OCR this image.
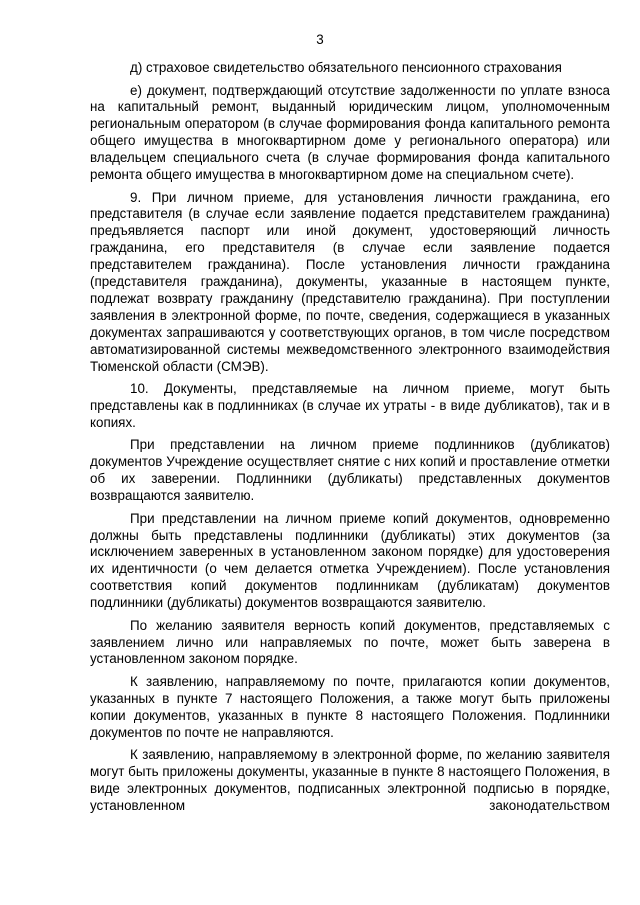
3

д) страховое свидетельство обязательного пенсионного страхования

е) документ, подтверждающий отсутствие задолженности по уплате взноса на капитальный ремонт, выданный юридическим лицом, уполномоченным региональным оператором (в случае формирования фонда капитального ремонта общего имущества в многоквартирном доме у регионального оператора) или владельцем специального счета (в случае формирования фонда капитального ремонта общего имущества в многоквартирном доме на специальном счете).

9. При личном приеме, для установления личности гражданина, его представителя (в случае если заявление подается представителем гражданина) предъявляется паспорт или иной документ, удостоверяющий личность гражданина, его представителя (в случае если заявление подается представителем гражданина). После установления личности гражданина (представителя гражданина), документы, указанные в настоящем пункте, подлежат возврату гражданину (представителю гражданина). При поступлении заявления в электронной форме, по почте, сведения, содержащиеся в указанных документах запрашиваются у соответствующих органов, в том числе посредством автоматизированной системы межведомственного электронного взаимодействия Тюменской области (СМЭВ).

10. Документы, представляемые на личном приеме, могут быть представлены как в подлинниках (в случае их утраты - в виде дубликатов), так и в копиях.

При представлении на личном приеме подлинников (дубликатов) документов Учреждение осуществляет снятие с них копий и проставление отметки об их заверении. Подлинники (дубликаты) представленных документов возвращаются заявителю.

При представлении на личном приеме копий документов, одновременно должны быть представлены подлинники (дубликаты) этих документов (за исключением заверенных в установленном законом порядке) для удостоверения их идентичности (о чем делается отметка Учреждением). После установления соответствия копий документов подлинникам (дубликатам) документов подлинники (дубликаты) документов возвращаются заявителю.

По желанию заявителя верность копий документов, представляемых с заявлением лично или направляемых по почте, может быть заверена в установленном законом порядке.

К заявлению, направляемому по почте, прилагаются копии документов, указанных в пункте 7 настоящего Положения, а также могут быть приложены копии документов, указанных в пункте 8 настоящего Положения. Подлинники документов по почте не направляются.

К заявлению, направляемому в электронной форме, по желанию заявителя могут быть приложены документы, указанные в пункте 8 настоящего Положения, в виде электронных документов, подписанных электронной подписью в порядке, установленном законодательством
